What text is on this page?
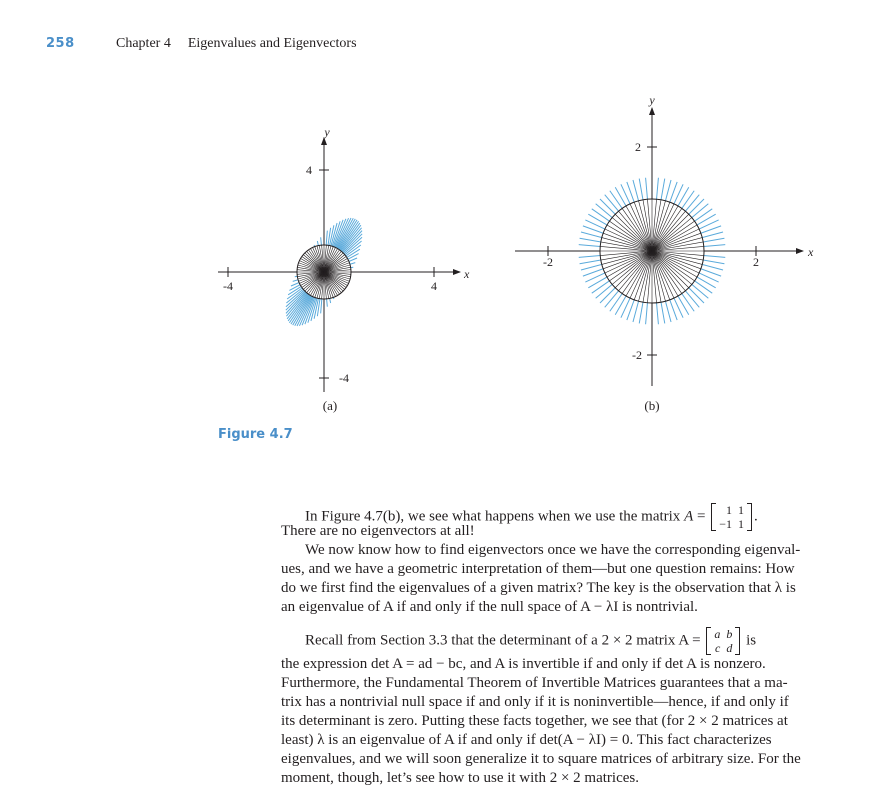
258	Chapter 4 Eigenvalues and Eigenvectors
4
-4	4
-4
x
y
(a)
2
-2	2
-2
x
y
(b)
Figure 4.7
In Figure 4.7(b), we see what happens when we use the matrix A = 1	1
−1	1 .
There are no eigenvectors at all!
We now know how to find eigenvectors once we have the corresponding eigenval-
ues, and we have a geometric interpretation of them—but one question remains: How
do we first find the eigenvalues of a given matrix? The key is the observation that λ is
an eigenvalue of A if and only if the null space of A − λI is nontrivial.
Recall from Section 3.3 that the determinant of a 2 × 2 matrix A = a	b
c	d is
the expression det A = ad − bc, and A is invertible if and only if det A is nonzero.
Furthermore, the Fundamental Theorem of Invertible Matrices guarantees that a ma-
trix has a nontrivial null space if and only if it is noninvertible—hence, if and only if
its determinant is zero. Putting these facts together, we see that (for 2 × 2 matrices at
least) λ is an eigenvalue of A if and only if det(A − λI) = 0. This fact characterizes
eigenvalues, and we will soon generalize it to square matrices of arbitrary size. For the
moment, though, let’s see how to use it with 2 × 2 matrices.
